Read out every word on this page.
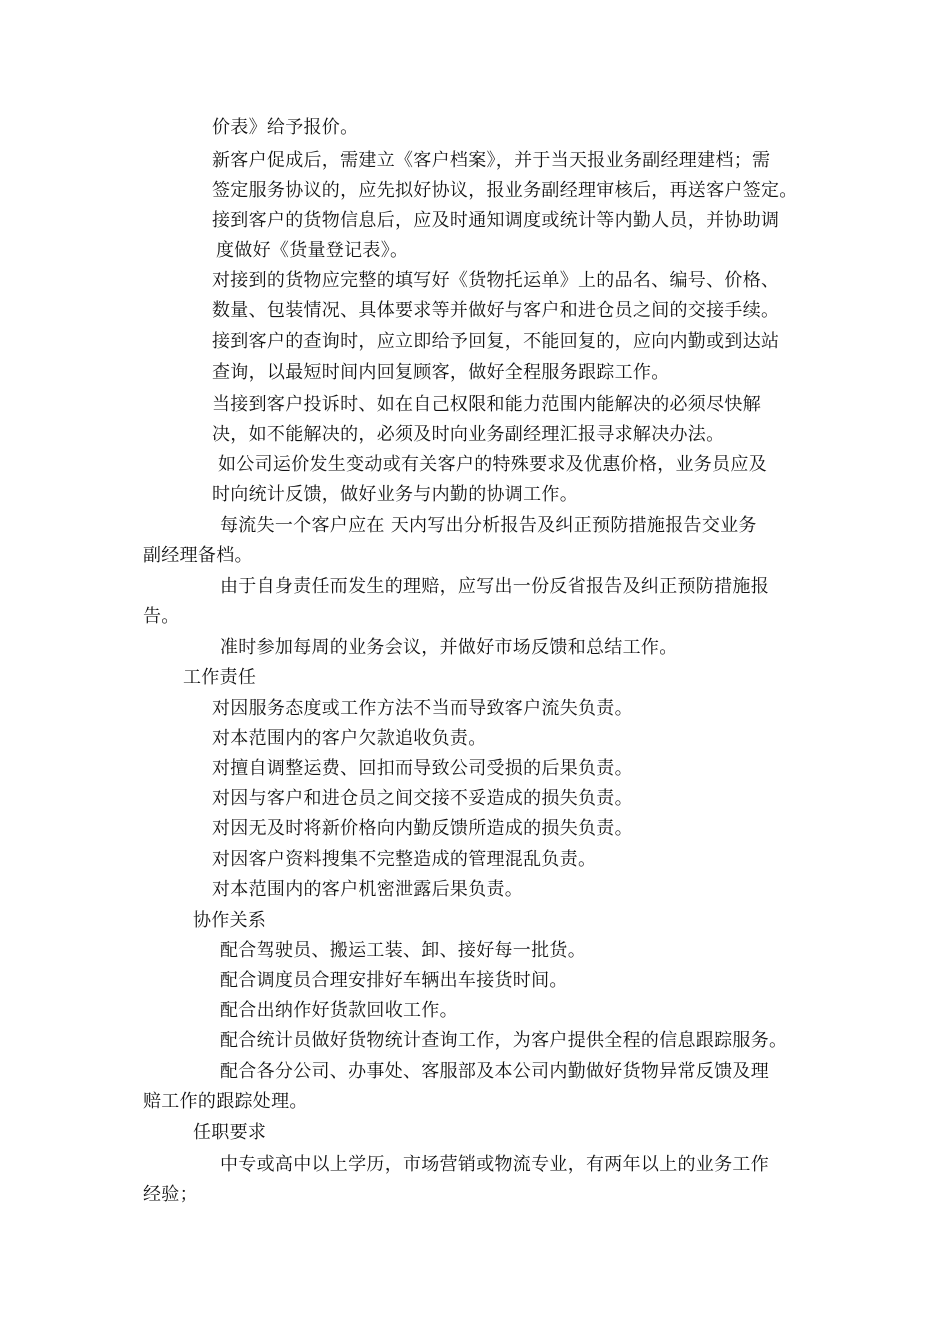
价表》给予报价。
新客户促成后，需建立《客户档案》，并于当天报业务副经理建档；需
签定服务协议的，应先拟好协议，报业务副经理审核后，再送客户签定。
接到客户的货物信息后，应及时通知调度或统计等内勤人员，并协助调
度做好《货量登记表》。
对接到的货物应完整的填写好《货物托运单》上的品名、编号、价格、
数量、包装情况、具体要求等并做好与客户和进仓员之间的交接手续。
接到客户的查询时，应立即给予回复，不能回复的，应向内勤或到达站
查询，以最短时间内回复顾客，做好全程服务跟踪工作。
当接到客户投诉时、如在自己权限和能力范围内能解决的必须尽快解
决，如不能解决的，必须及时向业务副经理汇报寻求解决办法。
如公司运价发生变动或有关客户的特殊要求及优惠价格，业务员应及
时向统计反馈，做好业务与内勤的协调工作。
每流失一个客户应在 天内写出分析报告及纠正预防措施报告交业务
副经理备档。
由于自身责任而发生的理赔，应写出一份反省报告及纠正预防措施报
告。
准时参加每周的业务会议，并做好市场反馈和总结工作。
工作责任
对因服务态度或工作方法不当而导致客户流失负责。
对本范围内的客户欠款追收负责。
对擅自调整运费、回扣而导致公司受损的后果负责。
对因与客户和进仓员之间交接不妥造成的损失负责。
对因无及时将新价格向内勤反馈所造成的损失负责。
对因客户资料搜集不完整造成的管理混乱负责。
对本范围内的客户机密泄露后果负责。
协作关系
配合驾驶员、搬运工装、卸、接好每一批货。
配合调度员合理安排好车辆出车接货时间。
配合出纳作好货款回收工作。
配合统计员做好货物统计查询工作，为客户提供全程的信息跟踪服务。
配合各分公司、办事处、客服部及本公司内勤做好货物异常反馈及理
赔工作的跟踪处理。
任职要求
中专或高中以上学历，市场营销或物流专业，有两年以上的业务工作
经验；
